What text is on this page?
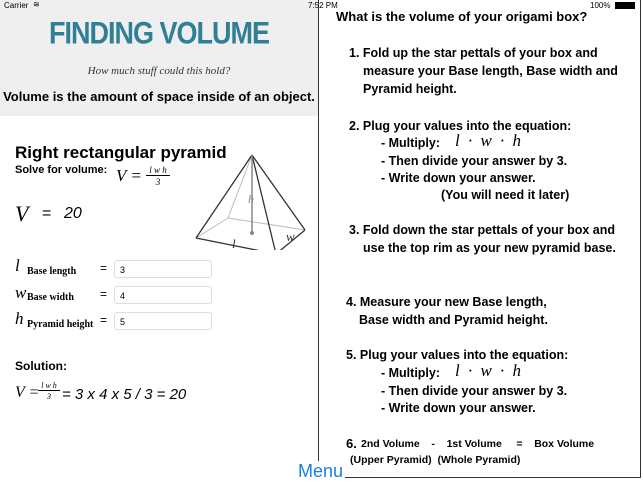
Carrier ≋	7:52 PM	100%
FINDING VOLUME
How much stuff could this hold?
Volume is the amount of space inside of an object.
Right rectangular pyramid
Solve for volume: V = l w h
3
V = 20
h
l	w
l Base length =	3
w Base width =	4
h Pyramid height =	5
Solution:
V = l w h
3 = 3 x 4 x 5 / 3 = 20
What is the volume of your origami box?
1. Fold up the star pettals of your box and measure your Base length, Base width and Pyramid height.
2. Plug your values into the equation:
- Multiply: l · w · h
- Then divide your answer by 3.
- Write down your answer.
(You will need it later)
3. Fold down the star pettals of your box and use the top rim as your new pyramid base.
4. Measure your new Base length,
Base width and Pyramid height.
5. Plug your values into the equation:
- Multiply: l · w · h
- Then divide your answer by 3.
- Write down your answer.
6. 2nd Volume    -    1st Volume     =    Box Volume
(Upper Pyramid)  (Whole Pyramid)
Menu
